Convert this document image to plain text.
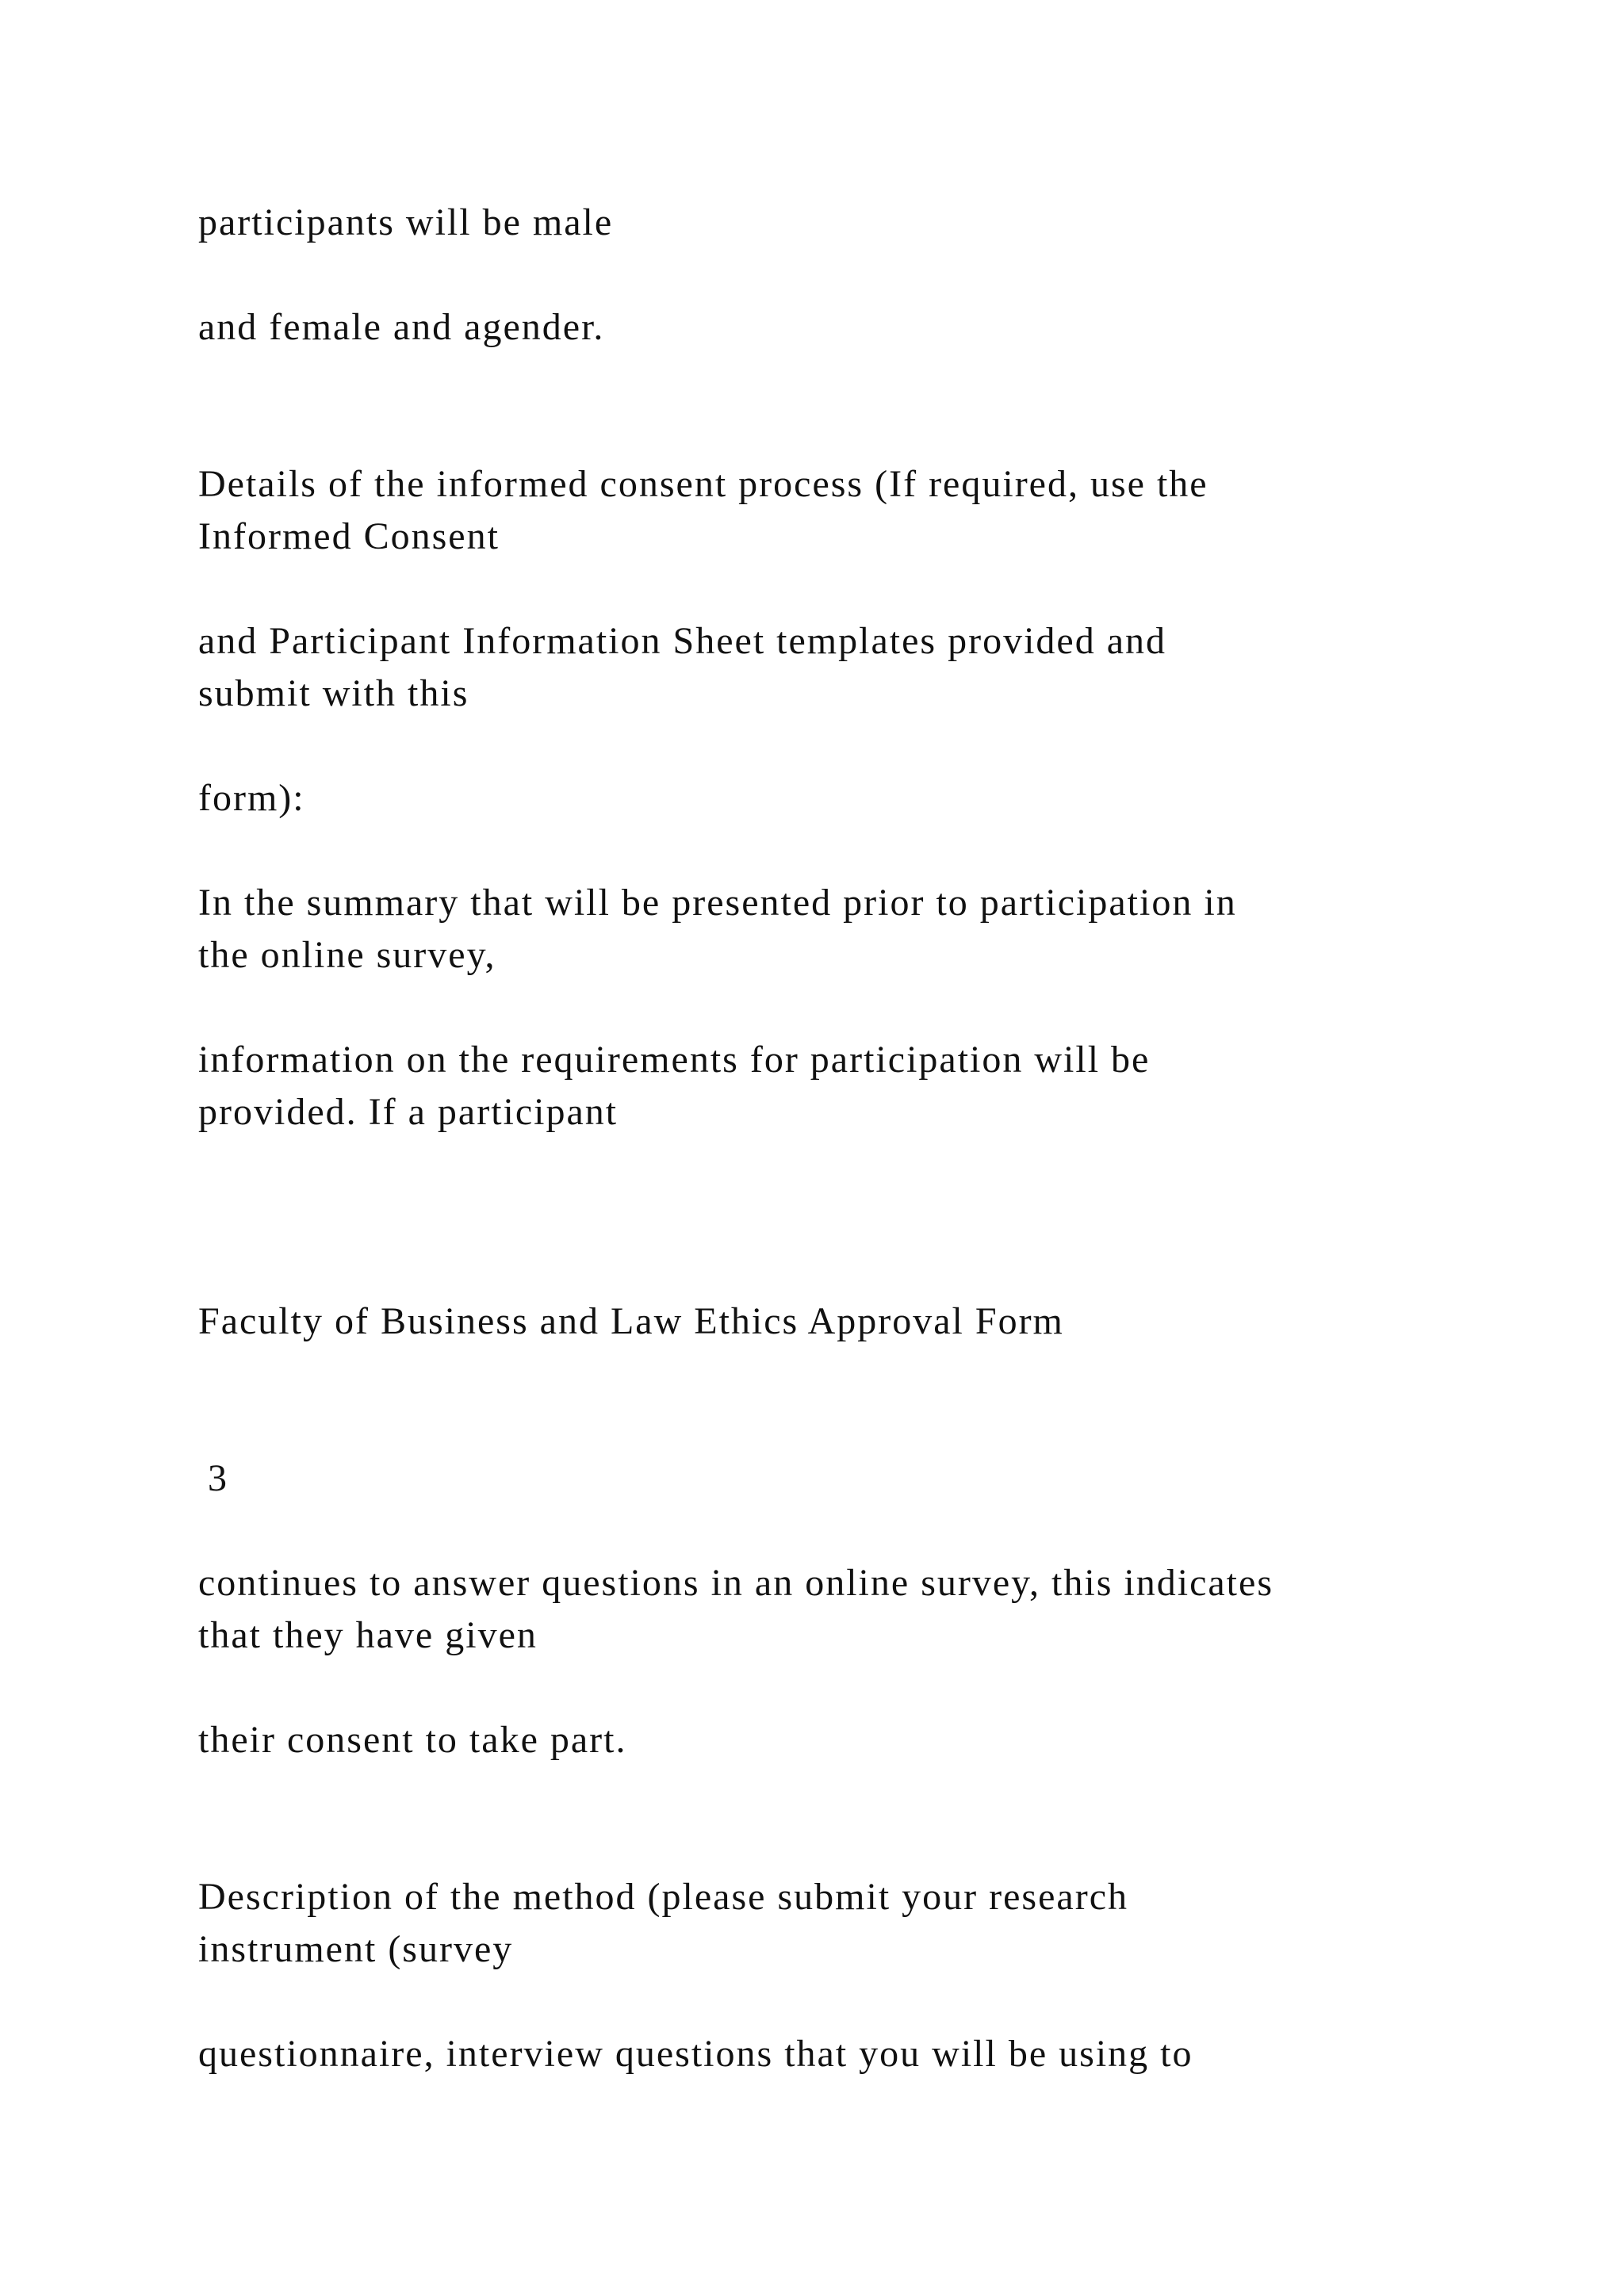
participants will be male

and female and agender.

Details of the informed consent process (If required, use the

Informed Consent

and Participant Information Sheet templates provided and

submit with this

form):

In the summary that will be presented prior to participation in

the online survey,

information on the requirements for participation will be

provided. If a participant

Faculty of Business and Law Ethics Approval Form

3

continues to answer questions in an online survey, this indicates

that they have given

their consent to take part.

Description of the method (please submit your research

instrument (survey

questionnaire, interview questions that you will be using to
